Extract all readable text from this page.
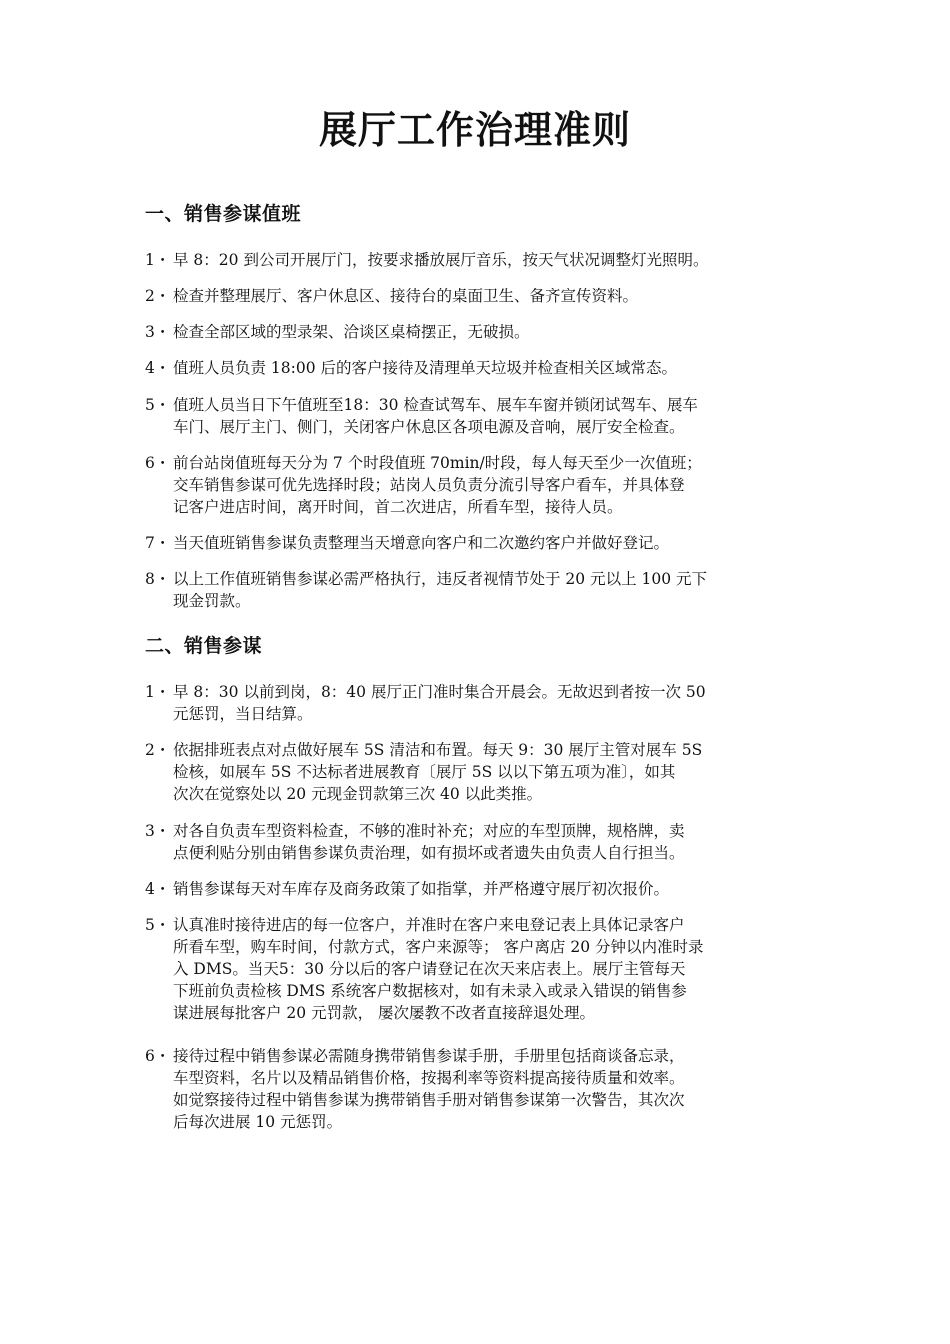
展厅工作治理准则
一、销售参谋值班
1・ 早 8：20 到公司开展厅门，按要求播放展厅音乐，按天气状况调整灯光照明。
2・ 检查并整理展厅、客户休息区、接待台的桌面卫生、备齐宣传资料。
3・ 检查全部区域的型录架、洽谈区桌椅摆正，无破损。
4・ 值班人员负责 18:00 后的客户接待及清理单天垃圾并检查相关区域常态。
5・ 值班人员当日下午值班至18：30 检查试驾车、展车车窗并锁闭试驾车、展车
车门、展厅主门、侧门，关闭客户休息区各项电源及音响，展厅安全检查。
6・ 前台站岗值班每天分为 7 个时段值班 70min/时段，每人每天至少一次值班；
交车销售参谋可优先选择时段；站岗人员负责分流引导客户看车，并具体登
记客户进店时间，离开时间，首二次进店，所看车型，接待人员。
7・ 当天值班销售参谋负责整理当天增意向客户和二次邀约客户并做好登记。
8・ 以上工作值班销售参谋必需严格执行，违反者视情节处于 20 元以上 100 元下
现金罚款。
二、销售参谋
1・ 早 8：30 以前到岗，8：40 展厅正门准时集合开晨会。无故迟到者按一次 50
元惩罚，当日结算。
2・ 依据排班表点对点做好展车 5S 清洁和布置。每天 9：30 展厅主管对展车 5S
检核，如展车 5S 不达标者进展教育〔展厅 5S 以以下第五项为准〕，如其
次次在觉察处以 20 元现金罚款第三次 40 以此类推。
3・ 对各自负责车型资料检查，不够的准时补充；对应的车型顶牌，规格牌，卖
点便利贴分别由销售参谋负责治理，如有损坏或者遗失由负责人自行担当。
4・ 销售参谋每天对车库存及商务政策了如指掌，并严格遵守展厅初次报价。
5・ 认真准时接待进店的每一位客户，并准时在客户来电登记表上具体记录客户
所看车型，购车时间，付款方式，客户来源等； 客户离店 20 分钟以内准时录
入 DMS。当天5：30 分以后的客户请登记在次天来店表上。展厅主管每天
下班前负责检核 DMS 系统客户数据核对，如有未录入或录入错误的销售参
谋进展每批客户 20 元罚款， 屡次屡教不改者直接辞退处理。
6・ 接待过程中销售参谋必需随身携带销售参谋手册，手册里包括商谈备忘录，
车型资料，名片以及精品销售价格，按揭利率等资料提高接待质量和效率。
如觉察接待过程中销售参谋为携带销售手册对销售参谋第一次警告，其次次
后每次进展 10 元惩罚。
